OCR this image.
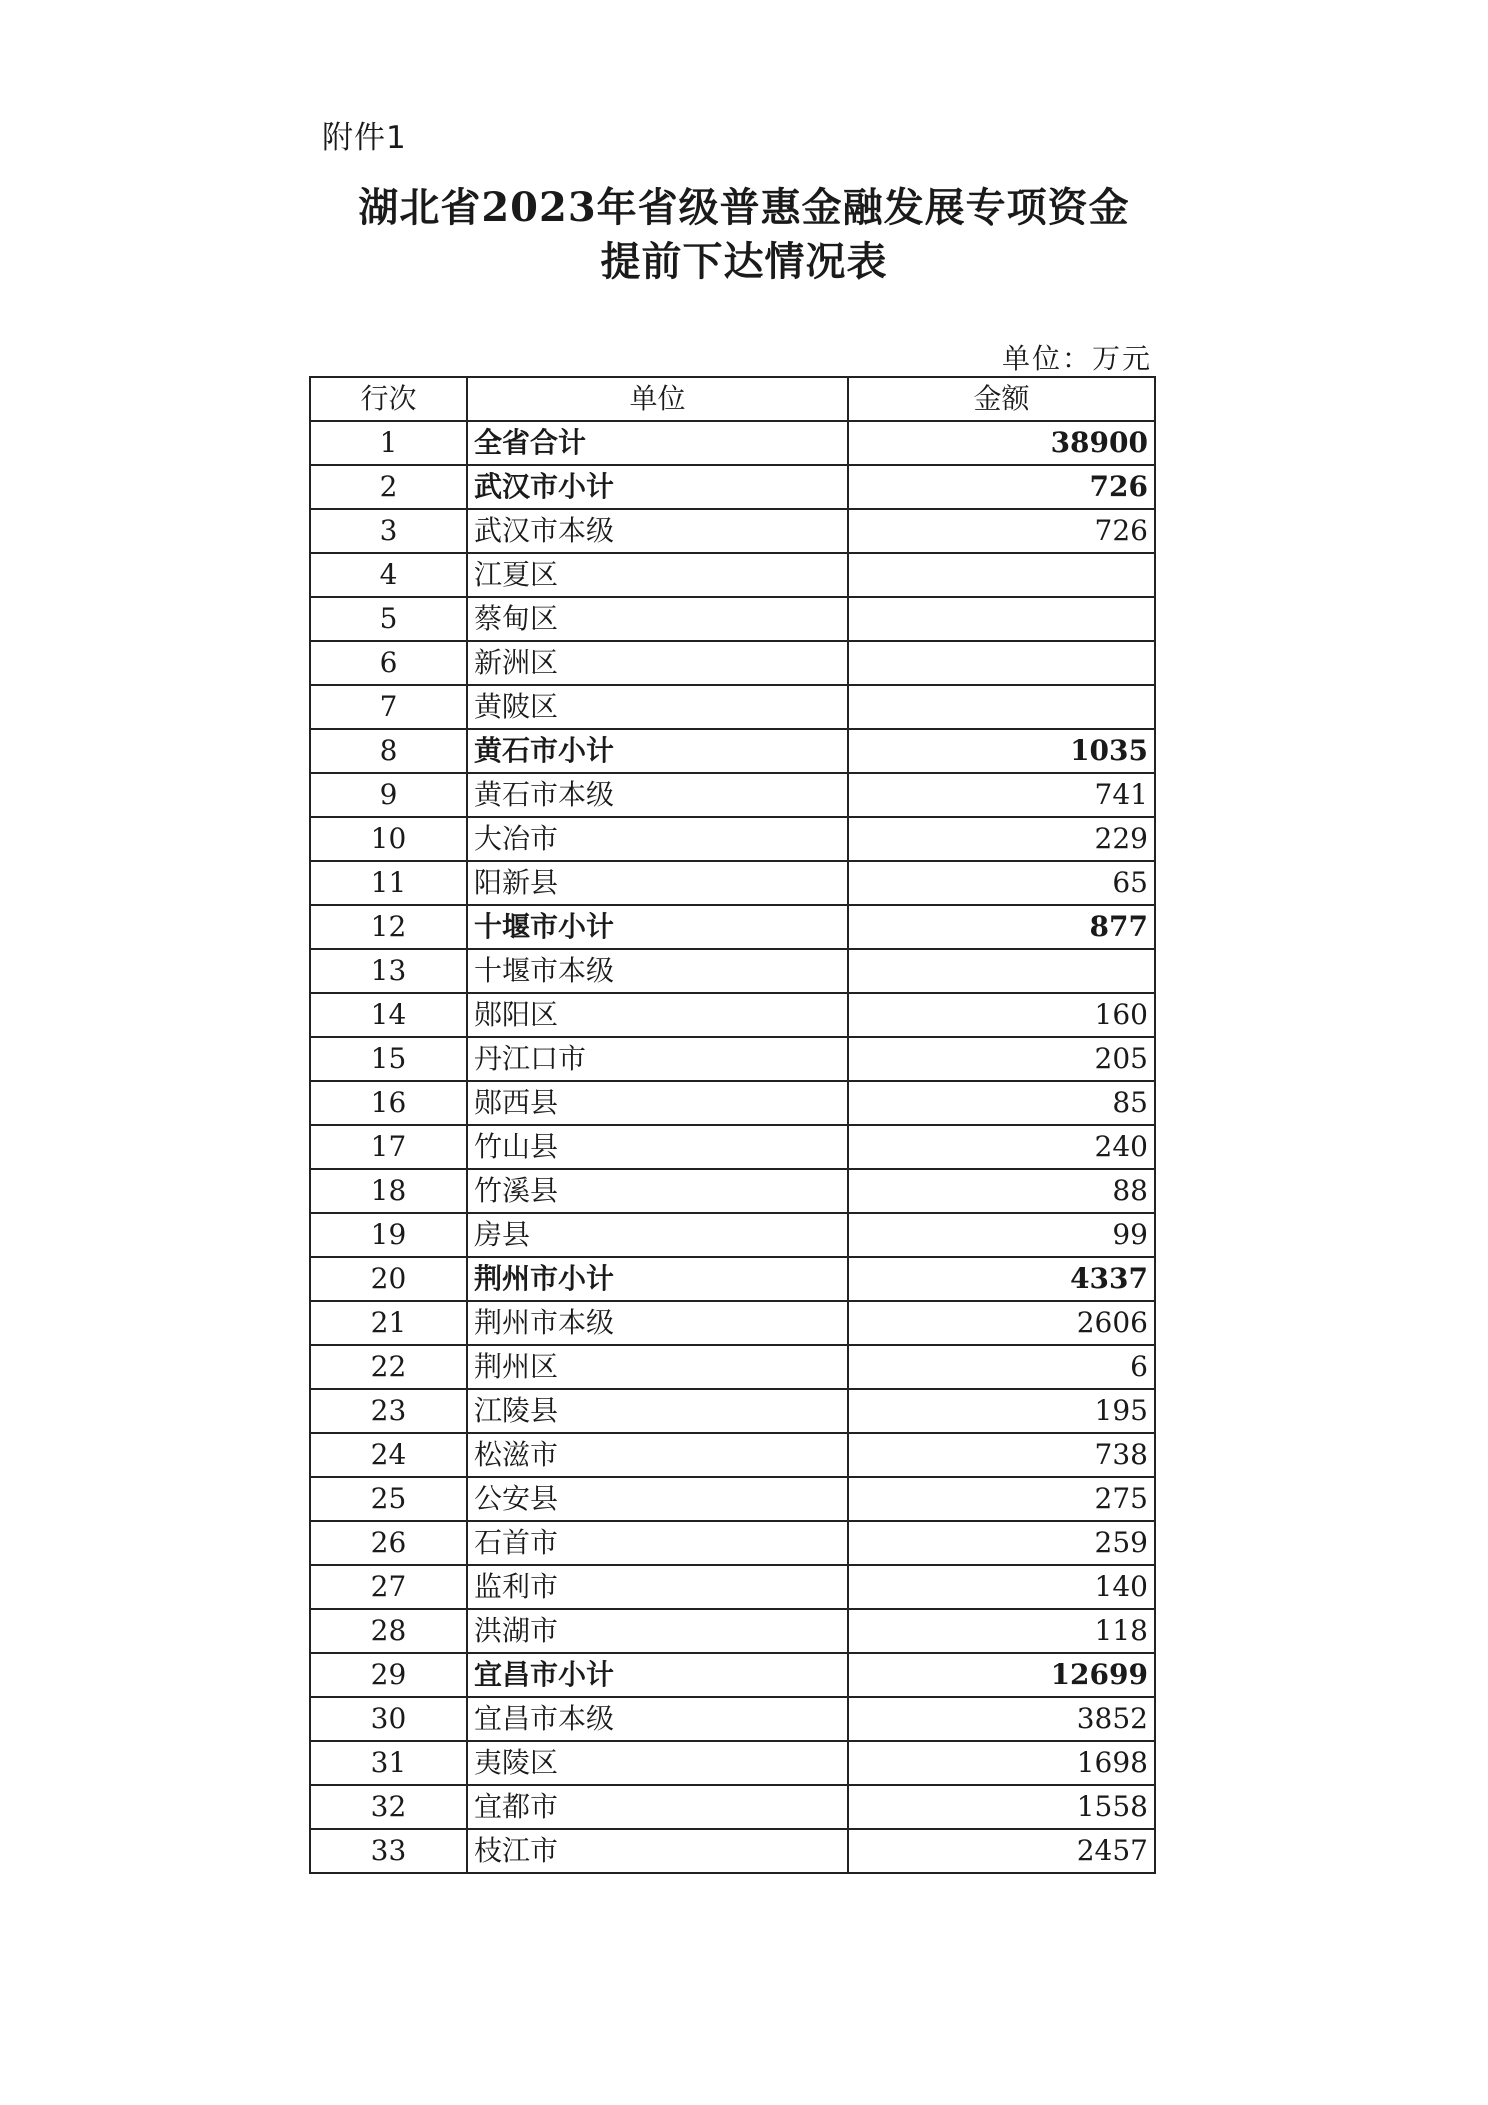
附件1
湖北省2023年省级普惠金融发展专项资金
提前下达情况表
单位：万元
行次	单位	金额
1	全省合计	38900
2	武汉市小计	726
3	武汉市本级	726
4	江夏区	
5	蔡甸区	
6	新洲区	
7	黄陂区	
8	黄石市小计	1035
9	黄石市本级	741
10	大冶市	229
11	阳新县	65
12	十堰市小计	877
13	十堰市本级	
14	郧阳区	160
15	丹江口市	205
16	郧西县	85
17	竹山县	240
18	竹溪县	88
19	房县	99
20	荆州市小计	4337
21	荆州市本级	2606
22	荆州区	6
23	江陵县	195
24	松滋市	738
25	公安县	275
26	石首市	259
27	监利市	140
28	洪湖市	118
29	宜昌市小计	12699
30	宜昌市本级	3852
31	夷陵区	1698
32	宜都市	1558
33	枝江市	2457
